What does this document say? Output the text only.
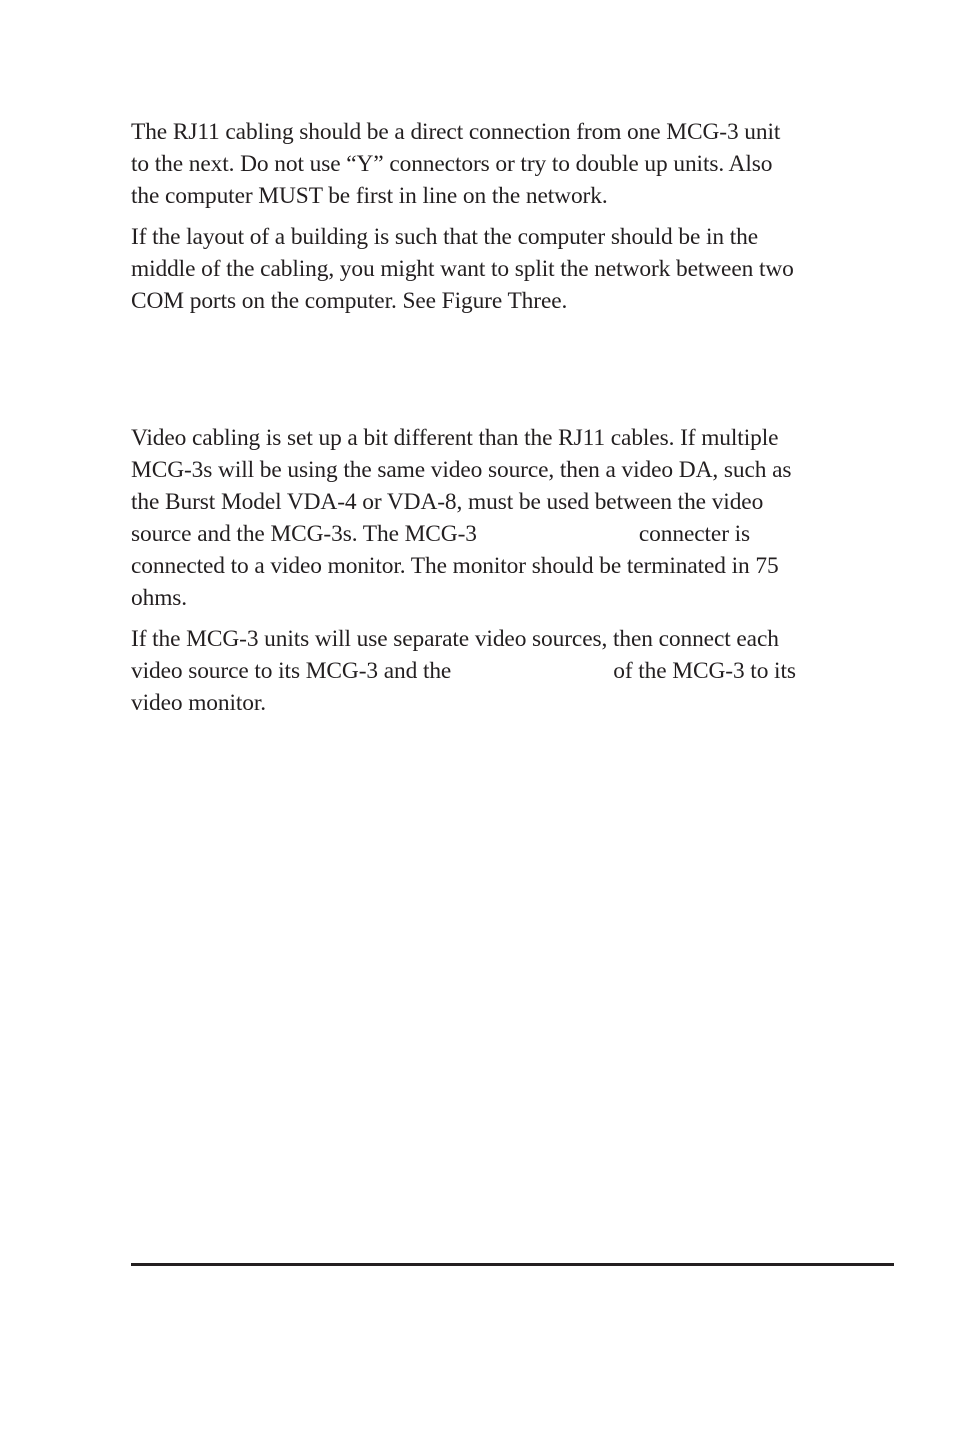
The RJ11 cabling should be a direct connection from one MCG-3 unit
to the next. Do not use “Y” connectors or try to double up units. Also
the computer MUST be first in line on the network.

If the layout of a building is such that the computer should be in the
middle of the cabling, you might want to split the network between two
COM ports on the computer. See Figure Three.

Video cabling is set up a bit different than the RJ11 cables. If multiple
MCG-3s will be using the same video source, then a video DA, such as
the Burst Model VDA-4 or VDA-8, must be used between the video
source and the MCG-3s. The MCG-3	connecter is
connected to a video monitor. The monitor should be terminated in 75
ohms.

If the MCG-3 units will use separate video sources, then connect each
video source to its MCG-3 and the	of the MCG-3 to its
video monitor.
